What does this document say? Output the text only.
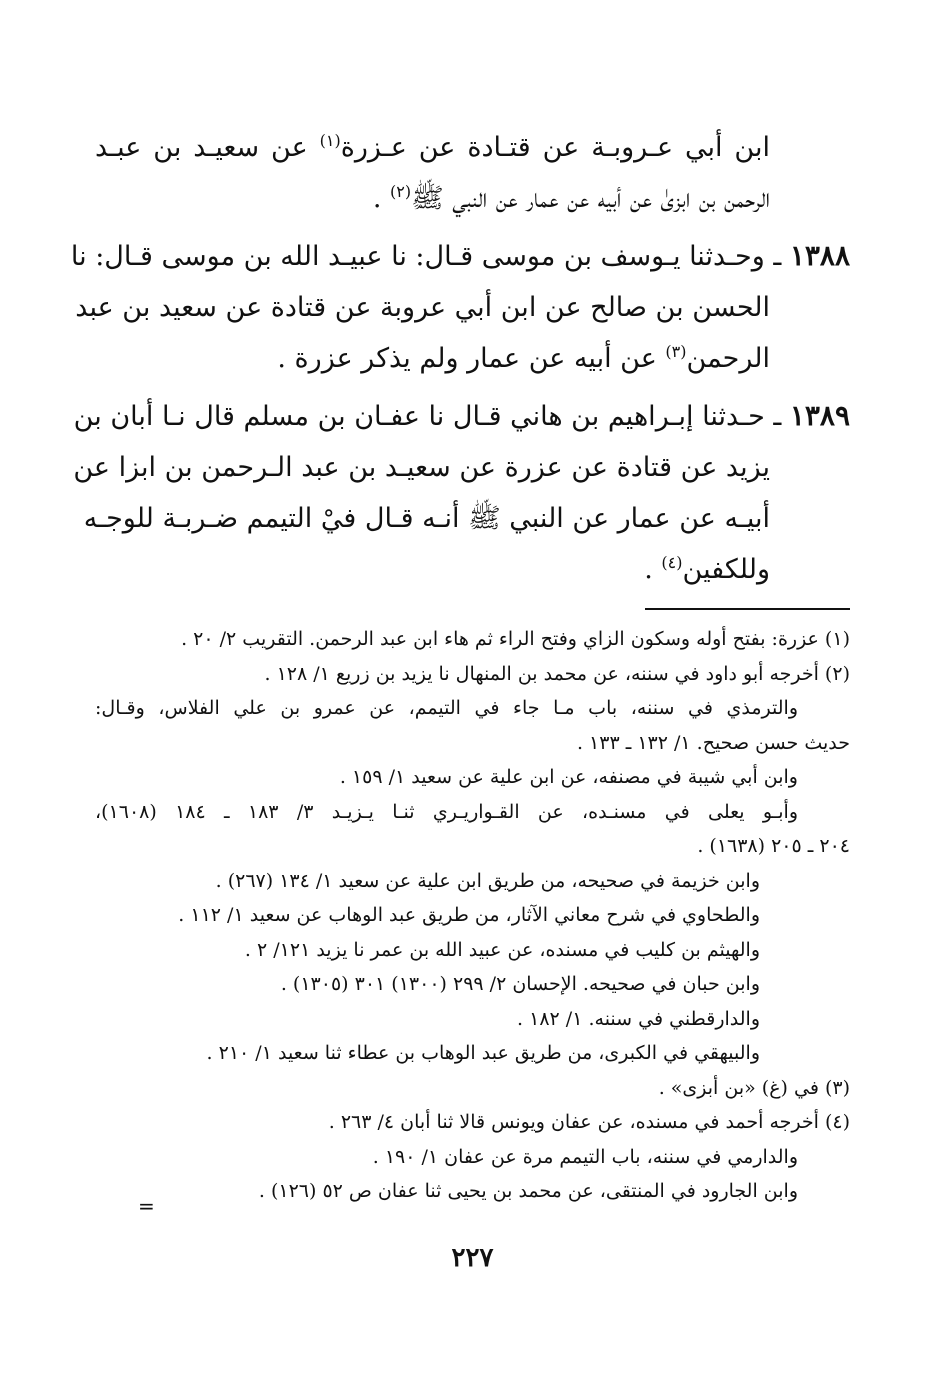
ابن أبي عـروبـة عن قتـادة عن عـزرة$^{(١)}$ عن سعيـد بن عبـد
الرحمن بن ابزىٰ عن أبيه عن عمار عن النبي ﷺ$^{(٢)}$ .
١٣٨٨ ـ وحـدثنا يـوسف بن موسى قـال: نا عبيـد الله بن موسى قـال: نا
الحسن بن صالح عن ابن أبي عروبة عن قتادة عن سعيد بن عبد
الرحمن$^{(٣)}$ عن أبيه عن عمار ولم يذكر عزرة .
١٣٨٩ ـ حـدثنا إبـراهيم بن هاني قـال نا عفـان بن مسلم قال نـا أبان بن
يزيد عن قتادة عن عزرة عن سعيـد بن عبد الـرحمن بن ابزا عن
أبيـه عن عمار عن النبي ﷺ أنـه قـال فيْ التيمم ضـربـة للوجـه
وللكفين$^{(٤)}$ .
(١) عزرة: بفتح أوله وسكون الزاي وفتح الراء ثم هاء ابن عبد الرحمن. التقريب ٢/ ٢٠ .
(٢) أخرجه أبو داود في سننه، عن محمد بن المنهال نا يزيد بن زريع ١/ ١٢٨ .
والترمذي في سننه، باب مـا جاء في التيمم، عن عمرو بن علي الفلاس، وقـال:
حديث حسن صحيح. ١/ ١٣٢ ـ ١٣٣ .
وابن أبي شيبة في مصنفه، عن ابن علية عن سعيد ١/ ١٥٩ .
وأبـو يعلى في مسنـده، عن القـواريـري ثنـا يـزيـد ٣/ ١٨٣ ـ ١٨٤ (١٦٠٨)،
٢٠٤ ـ ٢٠٥ (١٦٣٨) .
وابن خزيمة في صحيحه، من طريق ابن علية عن سعيد ١/ ١٣٤ (٢٦٧) .
والطحاوي في شرح معاني الآثار، من طريق عبد الوهاب عن سعيد ١/ ١١٢ .
والهيثم بن كليب في مسنده، عن عبيد الله بن عمر نا يزيد ١٢١/ ٢ .
وابن حبان في صحيحه. الإحسان ٢/ ٢٩٩ (١٣٠٠) ٣٠١ (١٣٠٥) .
والدارقطني في سننه. ١/ ١٨٢ .
والبيهقي في الكبرى، من طريق عبد الوهاب بن عطاء ثنا سعيد ١/ ٢١٠ .
(٣) في (غ) «بن أبزى» .
(٤) أخرجه أحمد في مسنده، عن عفان ويونس قالا ثنا أبان ٤/ ٢٦٣ .
والدارمي في سننه، باب التيمم مرة عن عفان ١/ ١٩٠ .
وابن الجارود في المنتقى، عن محمد بن يحيى ثنا عفان ص ٥٢ (١٢٦) .
=
٢٢٧
